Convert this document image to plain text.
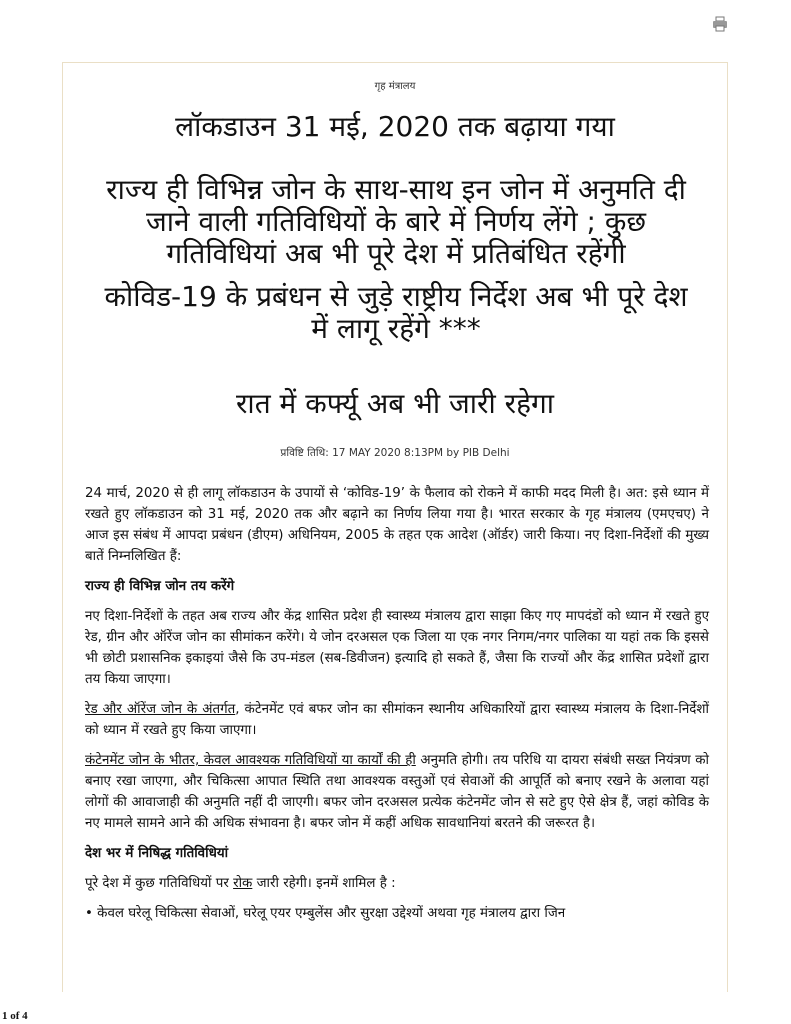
गृह मंत्रालय
लॉकडाउन 31 मई, 2020 तक बढ़ाया गया
राज्य ही विभिन्न जोन के साथ-साथ इन जोन में अनुमति दी जाने वाली गतिविधियों के बारे में निर्णय लेंगे ; कुछ गतिविधियां अब भी पूरे देश में प्रतिबंधित रहेंगी
कोविड-19 के प्रबंधन से जुड़े राष्ट्रीय निर्देश अब भी पूरे देश में लागू रहेंगे ***
रात में कर्फ्यू अब भी जारी रहेगा
प्रविष्टि तिथि: 17 MAY 2020 8:13PM by PIB Delhi

24 मार्च, 2020 से ही लागू लॉकडाउन के उपायों से ‘कोविड-19’ के फैलाव को रोकने में काफी मदद मिली है। अत: इसे ध्यान में रखते हुए लॉकडाउन को 31 मई, 2020 तक और बढ़ाने का निर्णय लिया गया है। भारत सरकार के गृह मंत्रालय (एमएचए) ने आज इस संबंध में आपदा प्रबंधन (डीएम) अधिनियम, 2005 के तहत एक आदेश (ऑर्डर) जारी किया। नए दिशा-निर्देशों की मुख्य बातें निम्नलिखित हैं:

राज्य ही विभिन्न जोन तय करेंगे

नए दिशा-निर्देशों के तहत अब राज्य और केंद्र शासित प्रदेश ही स्वास्थ्य मंत्रालय द्वारा साझा किए गए मापदंडों को ध्यान में रखते हुए रेड, ग्रीन और ऑरेंज जोन का सीमांकन करेंगे। ये जोन दरअसल एक जिला या एक नगर निगम/नगर पालिका या यहां तक कि इससे भी छोटी प्रशासनिक इकाइयां जैसे कि उप-मंडल (सब-डिवीजन) इत्यादि हो सकते हैं, जैसा कि राज्यों और केंद्र शासित प्रदेशों द्वारा तय किया जाएगा।

रेड और ऑरेंज जोन के अंतर्गत, कंटेनमेंट एवं बफर जोन का सीमांकन स्थानीय अधिकारियों द्वारा स्वास्थ्य मंत्रालय के दिशा-निर्देशों को ध्यान में रखते हुए किया जाएगा।

कंटेनमेंट जोन के भीतर, केवल आवश्यक गतिविधियों या कार्यों की ही अनुमति होगी। तय परिधि या दायरा संबंधी सख्त नियंत्रण को बनाए रखा जाएगा, और चिकित्सा आपात स्थिति तथा आवश्यक वस्तुओं एवं सेवाओं की आपूर्ति को बनाए रखने के अलावा यहां लोगों की आवाजाही की अनुमति नहीं दी जाएगी। बफर जोन दरअसल प्रत्येक कंटेनमेंट जोन से सटे हुए ऐसे क्षेत्र हैं, जहां कोविड के नए मामले सामने आने की अधिक संभावना है। बफर जोन में कहीं अधिक सावधानियां बरतने की जरूरत है।

देश भर में निषिद्ध गतिविधियां

पूरे देश में कुछ गतिविधियों पर रोक जारी रहेगी। इनमें शामिल है :

• केवल घरेलू चिकित्सा सेवाओं, घरेलू एयर एम्बुलेंस और सुरक्षा उद्देश्यों अथवा गृह मंत्रालय द्वारा जिन

1 of 4
